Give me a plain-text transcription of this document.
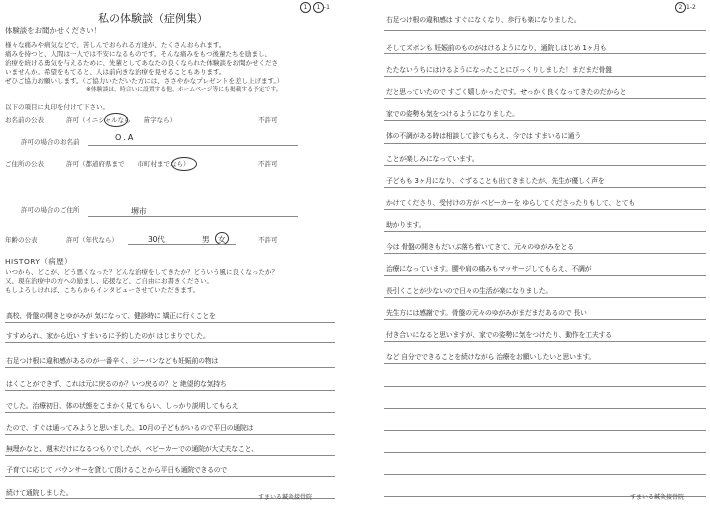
1 1 -1
私の体験談（症例集）
体験談をお聞かせください！
様々な痛みや病気などで、苦しんでおられる方達が、たくさんおられます。
痛みを持つと、人間は一人では不安になるものです。そんな痛みをもつ後輩たちを励まし、
治療を続ける勇気を与えるために、先輩としてあなたの良くなられた体験談をお聞かせくださ
いませんか。希望をもてると、人は前向きな治療を見せることもあります。
ぜひご協力お願いします。（ご協力いただいた方には、ささやかなプレゼントを差し上げます。）
※体験談は、時合いに設置する他、ホームページ等にも掲載する予定です。
以下の項目に丸印を付けて下さい。
お名前の公表	許可（イニシャルなら　　苗字なら）	不許可
許可の場合のお名前	O . A
ご住所の公表	許可（都道府県まで　　市町村までなら）	不許可
許可の場合のご住所	堺市
年齢の公表	許可（年代なら）	30代	男 女	不許可
HISTORY（病歴）
いつから、どこが、どう悪くなった？どんな治療をしてきたか？どういう風に良くなったか？
又、現在治療中の方への励まし、応援など、ご自由にお書きください。
もしよろしければ、こちらからインタビューさせていただきます。
高校、骨盤の開きとゆがみが 気になって、健診時に 矯正に行くことを
すすめられ、家から近い すまいるに予約したのが はじまりでした。
右足つけ根に違和感があるのが一番辛く、ジーパンなども妊娠前の物は
はくことができず、これは元に戻るのか？いつ戻るの？と 絶望的な気持ち
でした。治療初日、体の状態をこまかく見てもらい、しっかり説明してもらえ
たので、すぐは通ってみようと思いました。10月の子どもがいるので平日の通院は
無理かなと、週末だけになるつもりでしたが、ベビーカーでの通院が大丈夫なこと、
子育てに応じて バウンサーを貸して頂けることから平日も通院できるので
続けて通院しました。
すまいる鍼灸接骨院
2 1-2
右足つけ根の違和感は すぐになくなり、歩行も楽になりました。
そしてズボンも 妊娠前のものがはけるようになり、通院しはじめ 1ヶ月も
たたないうちにはけるようになったことにびっくりしました！まだまだ骨盤
だと思っていたので すごく嬉しかったです。せっかく良くなってきたのだからと
家での姿勢も気をつけるようになりました。
体の不調がある時は相談して診てもらえ、今では すまいるに通う
ことが楽しみになっています。
子どもも 3ヶ月になり、ぐずることも出てきましたが、先生が優しく声を
かけてくださり、受付けの方が ベビーカーを ゆらしてくださったりもして、とても
助かります。
今は 骨盤の開きもだいぶ落ち着いてきて、元々のゆがみをとる
治療になっています。腰や肩の痛みもマッサージしてもらえ、不調が
長引くことが少ないので日々の生活が楽になりました。
先生方には感謝です。骨盤の元々のゆがみがまだまだあるので 長い
付き合いになると思いますが、家での姿勢に気をつけたり、動作を工夫する
など 自分でできることを続けながら 治療をお願いしたいと思います。
すまいる鍼灸接骨院
